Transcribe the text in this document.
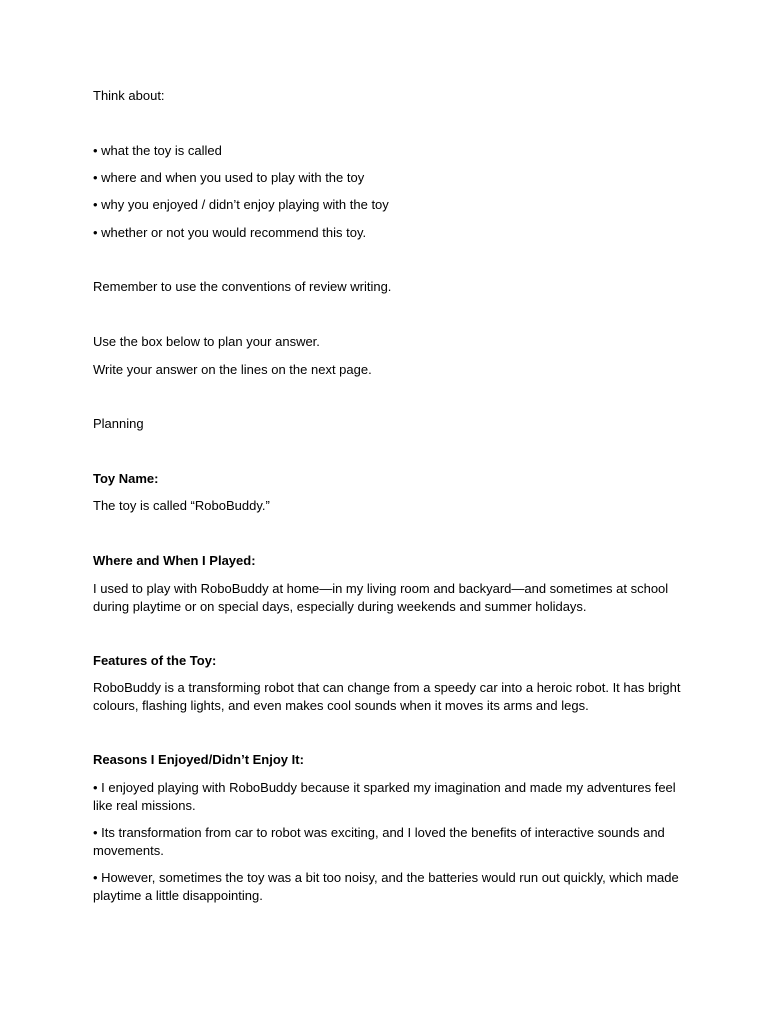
Think about:

• what the toy is called

• where and when you used to play with the toy

• why you enjoyed / didn’t enjoy playing with the toy

• whether or not you would recommend this toy.

Remember to use the conventions of review writing.

Use the box below to plan your answer.

Write your answer on the lines on the next page.

Planning

Toy Name:

The toy is called “RoboBuddy.”

Where and When I Played:

I used to play with RoboBuddy at home—in my living room and backyard—and sometimes at school during playtime or on special days, especially during weekends and summer holidays.

Features of the Toy:

RoboBuddy is a transforming robot that can change from a speedy car into a heroic robot. It has bright colours, flashing lights, and even makes cool sounds when it moves its arms and legs.

Reasons I Enjoyed/Didn’t Enjoy It:

• I enjoyed playing with RoboBuddy because it sparked my imagination and made my adventures feel like real missions.

• Its transformation from car to robot was exciting, and I loved the benefits of interactive sounds and movements.

• However, sometimes the toy was a bit too noisy, and the batteries would run out quickly, which made playtime a little disappointing.
